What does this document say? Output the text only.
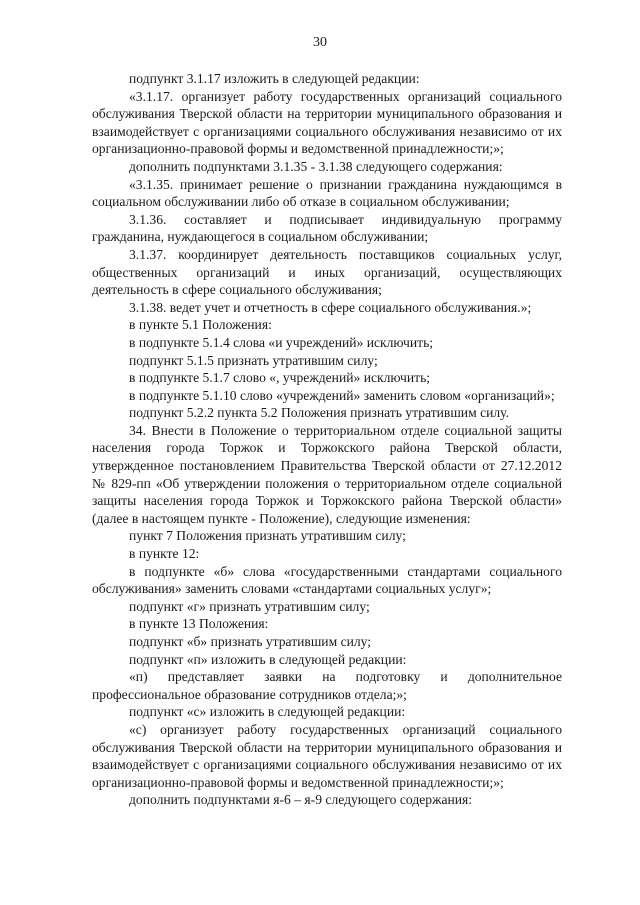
30

подпункт 3.1.17 изложить в следующей редакции:

«3.1.17. организует работу государственных организаций социального обслуживания Тверской области на территории муниципального образования и взаимодействует с организациями социального обслуживания независимо от их организационно-правовой формы и ведомственной принадлежности;»;

дополнить подпунктами 3.1.35 - 3.1.38 следующего содержания:

«3.1.35. принимает решение о признании гражданина нуждающимся в социальном обслуживании либо об отказе в социальном обслуживании;

3.1.36. составляет и подписывает индивидуальную программу гражданина, нуждающегося в социальном обслуживании;

3.1.37. координирует деятельность поставщиков социальных услуг, общественных организаций и иных организаций, осуществляющих деятельность в сфере социального обслуживания;

3.1.38. ведет учет и отчетность в сфере социального обслуживания.»;

в пункте 5.1 Положения:

в подпункте 5.1.4 слова «и учреждений» исключить;

подпункт 5.1.5 признать утратившим силу;

в подпункте 5.1.7 слово «, учреждений» исключить;

в подпункте 5.1.10 слово «учреждений» заменить словом «организаций»;

подпункт 5.2.2 пункта 5.2 Положения признать утратившим силу.

34. Внести в Положение о территориальном отделе социальной защиты населения города Торжок и Торжокского района Тверской области, утвержденное постановлением Правительства Тверской области от 27.12.2012 № 829-пп «Об утверждении положения о территориальном отделе социальной защиты населения города Торжок и Торжокского района Тверской области» (далее в настоящем пункте - Положение), следующие изменения:

пункт 7 Положения признать утратившим силу;

в пункте 12:

в подпункте «б» слова «государственными стандартами социального обслуживания» заменить словами «стандартами социальных услуг»;

подпункт «г» признать утратившим силу;

в пункте 13 Положения:

подпункт «б» признать утратившим силу;

подпункт «п» изложить в следующей редакции:

«п) представляет заявки на подготовку и дополнительное профессиональное образование сотрудников отдела;»;

подпункт «с» изложить в следующей редакции:

«с) организует работу государственных организаций социального обслуживания Тверской области на территории муниципального образования и взаимодействует с организациями социального обслуживания независимо от их организационно-правовой формы и ведомственной принадлежности;»;

дополнить подпунктами я-6 – я-9 следующего содержания:
